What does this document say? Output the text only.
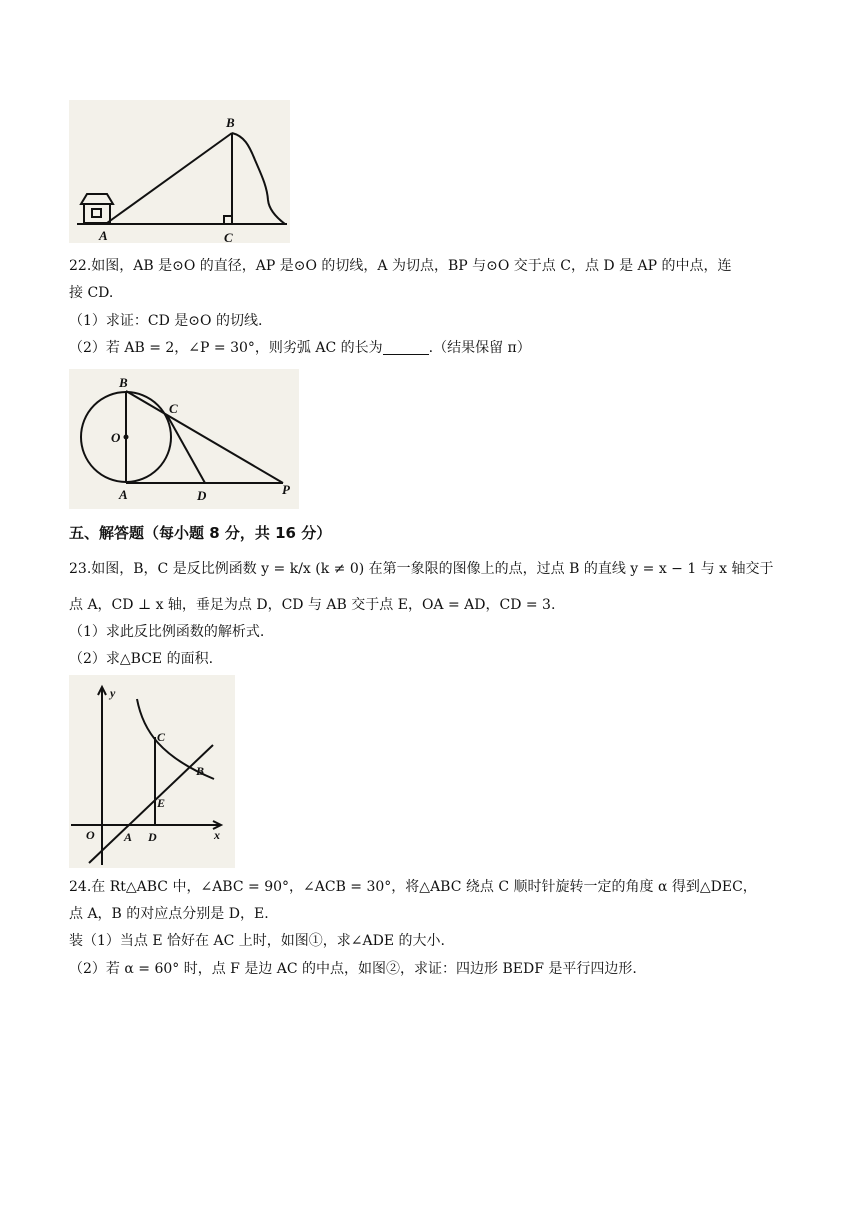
B
A	C
22.如图，AB 是⊙O 的直径，AP 是⊙O 的切线，A 为切点，BP 与⊙O 交于点 C，点 D 是 AP 的中点，连
接 CD.
（1）求证：CD 是⊙O 的切线.
（2）若 AB = 2，∠P = 30°，则劣弧 AC 的长为	.（结果保留 π）
B
C
O
A	D	P
五、解答题（每小题 8 分，共 16 分）
23.如图，B，C 是反比例函数 y = k/x (k ≠ 0) 在第一象限的图像上的点，过点 B 的直线 y = x − 1 与 x 轴交于
点 A，CD ⊥ x 轴，垂足为点 D，CD 与 AB 交于点 E，OA = AD，CD = 3.
（1）求此反比例函数的解析式.
（2）求△BCE 的面积.
y
C
B
E
O A D	x
24.在 Rt△ABC 中，∠ABC = 90°，∠ACB = 30°，将△ABC 绕点 C 顺时针旋转一定的角度 α 得到△DEC，
点 A，B 的对应点分别是 D，E.
装（1）当点 E 恰好在 AC 上时，如图①，求∠ADE 的大小.
（2）若 α = 60° 时，点 F 是边 AC 的中点，如图②，求证：四边形 BEDF 是平行四边形.
